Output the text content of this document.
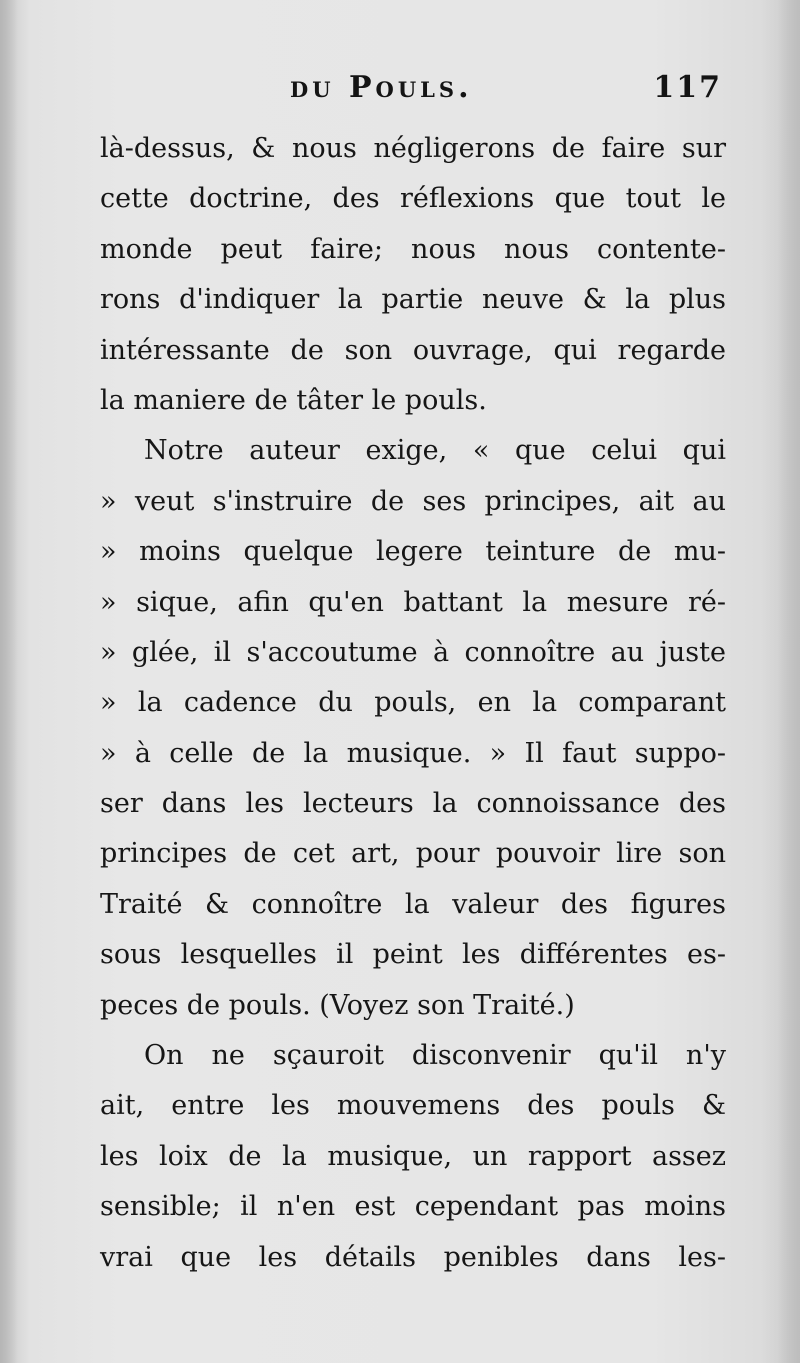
du Pouls.	117
là-dessus, & nous négligerons de faire sur
cette doctrine, des réflexions que tout le
monde peut faire; nous nous contente-
rons d'indiquer la partie neuve & la plus
intéressante de son ouvrage, qui regarde
la maniere de tâter le pouls.
Notre auteur exige, « que celui qui
» veut s'instruire de ses principes, ait au
» moins quelque legere teinture de mu-
» sique, afin qu'en battant la mesure ré-
» glée, il s'accoutume à connoître au juste
» la cadence du pouls, en la comparant
» à celle de la musique. » Il faut suppo-
ser dans les lecteurs la connoissance des
principes de cet art, pour pouvoir lire son
Traité & connoître la valeur des figures
sous lesquelles il peint les différentes es-
peces de pouls. (Voyez son Traité.)
On ne sçauroit disconvenir qu'il n'y
ait, entre les mouvemens des pouls &
les loix de la musique, un rapport assez
sensible; il n'en est cependant pas moins
vrai que les détails penibles dans les-
